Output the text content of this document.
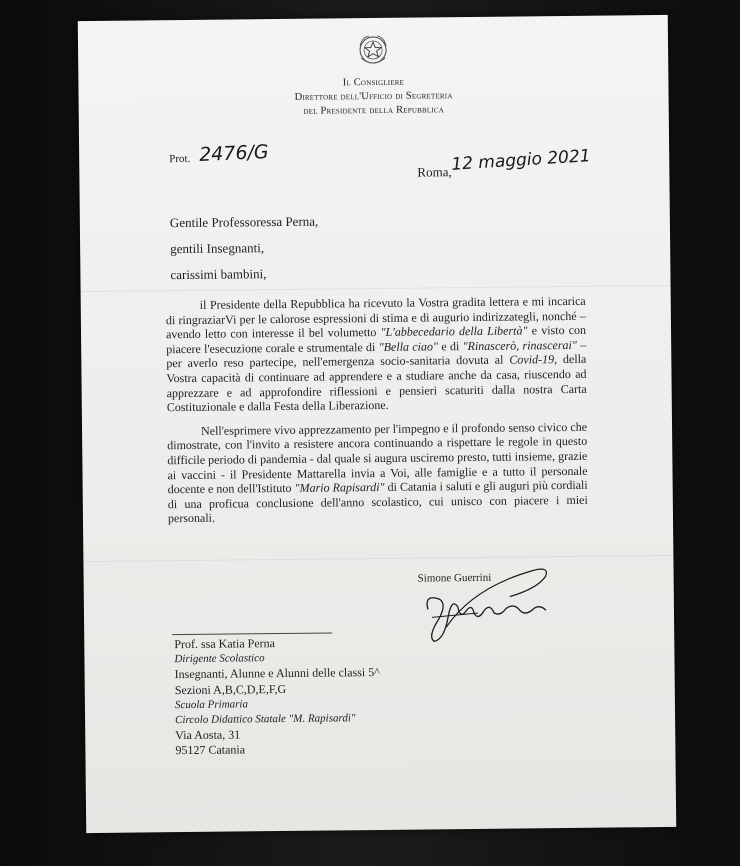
Il Consigliere
Direttore dell'Ufficio di Segreteria
del Presidente della Repubblica
Prot. 2476/G
Roma, 12 maggio 2021
Gentile Professoressa Perna,
gentili Insegnanti,
carissimi bambini,

il Presidente della Repubblica ha ricevuto la Vostra gradita lettera e mi incarica di ringraziarVi per le calorose espressioni di stima e di augurio indirizzategli, nonché – avendo letto con interesse il bel volumetto "L'abbecedario della Libertà" e visto con piacere l'esecuzione corale e strumentale di "Bella ciao" e di "Rinascerò, rinascerai" – per averlo reso partecipe, nell'emergenza socio-sanitaria dovuta al Covid-19, della Vostra capacità di continuare ad apprendere e a studiare anche da casa, riuscendo ad apprezzare e ad approfondire riflessioni e pensieri scaturiti dalla nostra Carta Costituzionale e dalla Festa della Liberazione.

Nell'esprimere vivo apprezzamento per l'impegno e il profondo senso civico che dimostrate, con l'invito a resistere ancora continuando a rispettare le regole in questo difficile periodo di pandemia - dal quale si augura usciremo presto, tutti insieme, grazie ai vaccini - il Presidente Mattarella invia a Voi, alle famiglie e a tutto il personale docente e non dell'Istituto "Mario Rapisardi" di Catania i saluti e gli auguri più cordiali di una proficua conclusione dell'anno scolastico, cui unisco con piacere i miei personali.

Simone Guerrini
Prof. ssa Katia Perna
Dirigente Scolastico
Insegnanti, Alunne e Alunni delle classi 5^
Sezioni A,B,C,D,E,F,G
Scuola Primaria
Circolo Didattico Statale "M. Rapisardi"
Via Aosta, 31
95127 Catania
